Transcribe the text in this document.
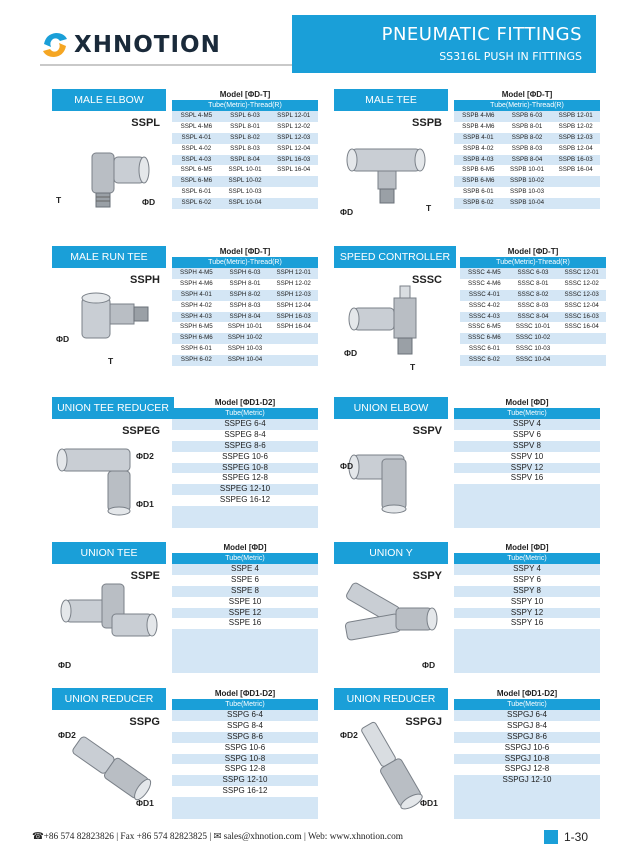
XHNOTION	PNEUMATIC FITTINGS
SS316L PUSH IN FITTINGS
MALE ELBOW
SSPL
T	ΦD
Model [ΦD-T]
Tube(Metric)-Thread(R)
SSPL 4-M5	SSPL 6-03	SSPL 12-01
SSPL 4-M6	SSPL 8-01	SSPL 12-02
SSPL 4-01	SSPL 8-02	SSPL 12-03
SSPL 4-02	SSPL 8-03	SSPL 12-04
SSPL 4-03	SSPL 8-04	SSPL 16-03
SSPL 6-M5	SSPL 10-01	SSPL 16-04
SSPL 6-M6	SSPL 10-02
SSPL 6-01	SSPL 10-03
SSPL 6-02	SSPL 10-04
MALE TEE
SSPB
ΦD	T
Model [ΦD-T]
Tube(Metric)-Thread(R)
SSPB 4-M6	SSPB 6-03	SSPB 12-01
SSPB 4-M6	SSPB 8-01	SSPB 12-02
SSPB 4-01	SSPB 8-02	SSPB 12-03
SSPB 4-02	SSPB 8-03	SSPB 12-04
SSPB 4-03	SSPB 8-04	SSPB 16-03
SSPB 6-M5	SSPB 10-01	SSPB 16-04
SSPB 6-M6	SSPB 10-02
SSPB 6-01	SSPB 10-03
SSPB 6-02	SSPB 10-04
MALE RUN TEE
SSPH
ΦD
T
Model [ΦD-T]
Tube(Metric)-Thread(R)
SSPH 4-M5	SSPH 6-03	SSPH 12-01
SSPH 4-M6	SSPH 8-01	SSPH 12-02
SSPH 4-01	SSPH 8-02	SSPH 12-03
SSPH 4-02	SSPH 8-03	SSPH 12-04
SSPH 4-03	SSPH 8-04	SSPH 16-03
SSPH 6-M5	SSPH 10-01	SSPH 16-04
SSPH 6-M6	SSPH 10-02
SSPH 6-01	SSPH 10-03
SSPH 6-02	SSPH 10-04
SPEED CONTROLLER
SSSC
ΦD
T
Model [ΦD-T]
Tube(Metric)-Thread(R)
SSSC 4-M5	SSSC 6-03	SSSC 12-01
SSSC 4-M6	SSSC 8-01	SSSC 12-02
SSSC 4-01	SSSC 8-02	SSSC 12-03
SSSC 4-02	SSSC 8-03	SSSC 12-04
SSSC 4-03	SSSC 8-04	SSSC 16-03
SSSC 6-M5	SSSC 10-01	SSSC 16-04
SSSC 6-M6	SSSC 10-02
SSSC 6-01	SSSC 10-03
SSSC 6-02	SSSC 10-04
UNION TEE REDUCER
SSPEG
ΦD2
ΦD1
Model [ΦD1-D2]
Tube(Metric)
SSPEG 6-4
SSPEG 8-4
SSPEG 8-6
SSPEG 10-6
SSPEG 10-8
SSPEG 12-8
SSPEG 12-10
SSPEG 16-12
UNION ELBOW
SSPV
ΦD
Model [ΦD]
Tube(Metric)
SSPV 4
SSPV 6
SSPV 8
SSPV 10
SSPV 12
SSPV 16
UNION TEE
SSPE
ΦD
Model [ΦD]
Tube(Metric)
SSPE 4
SSPE 6
SSPE 8
SSPE 10
SSPE 12
SSPE 16
UNION Y
SSPY
ΦD
Model [ΦD]
Tube(Metric)
SSPY 4
SSPY 6
SSPY 8
SSPY 10
SSPY 12
SSPY 16
UNION REDUCER
SSPG
ΦD2
ΦD1
Model [ΦD1-D2]
Tube(Metric)
SSPG 6-4
SSPG 8-4
SSPG 8-6
SSPG 10-6
SSPG 10-8
SSPG 12-8
SSPG 12-10
SSPG 16-12
UNION REDUCER
SSPGJ
ΦD2
ΦD1
Model [ΦD1-D2]
Tube(Metric)
SSPGJ 6-4
SSPGJ 8-4
SSPGJ 8-6
SSPGJ 10-6
SSPGJ 10-8
SSPGJ 12-8
SSPGJ 12-10
☎+86 574 82823826 | Fax +86 574 82823825 | ✉ sales@xhnotion.com | Web: www.xhnotion.com	1-30
